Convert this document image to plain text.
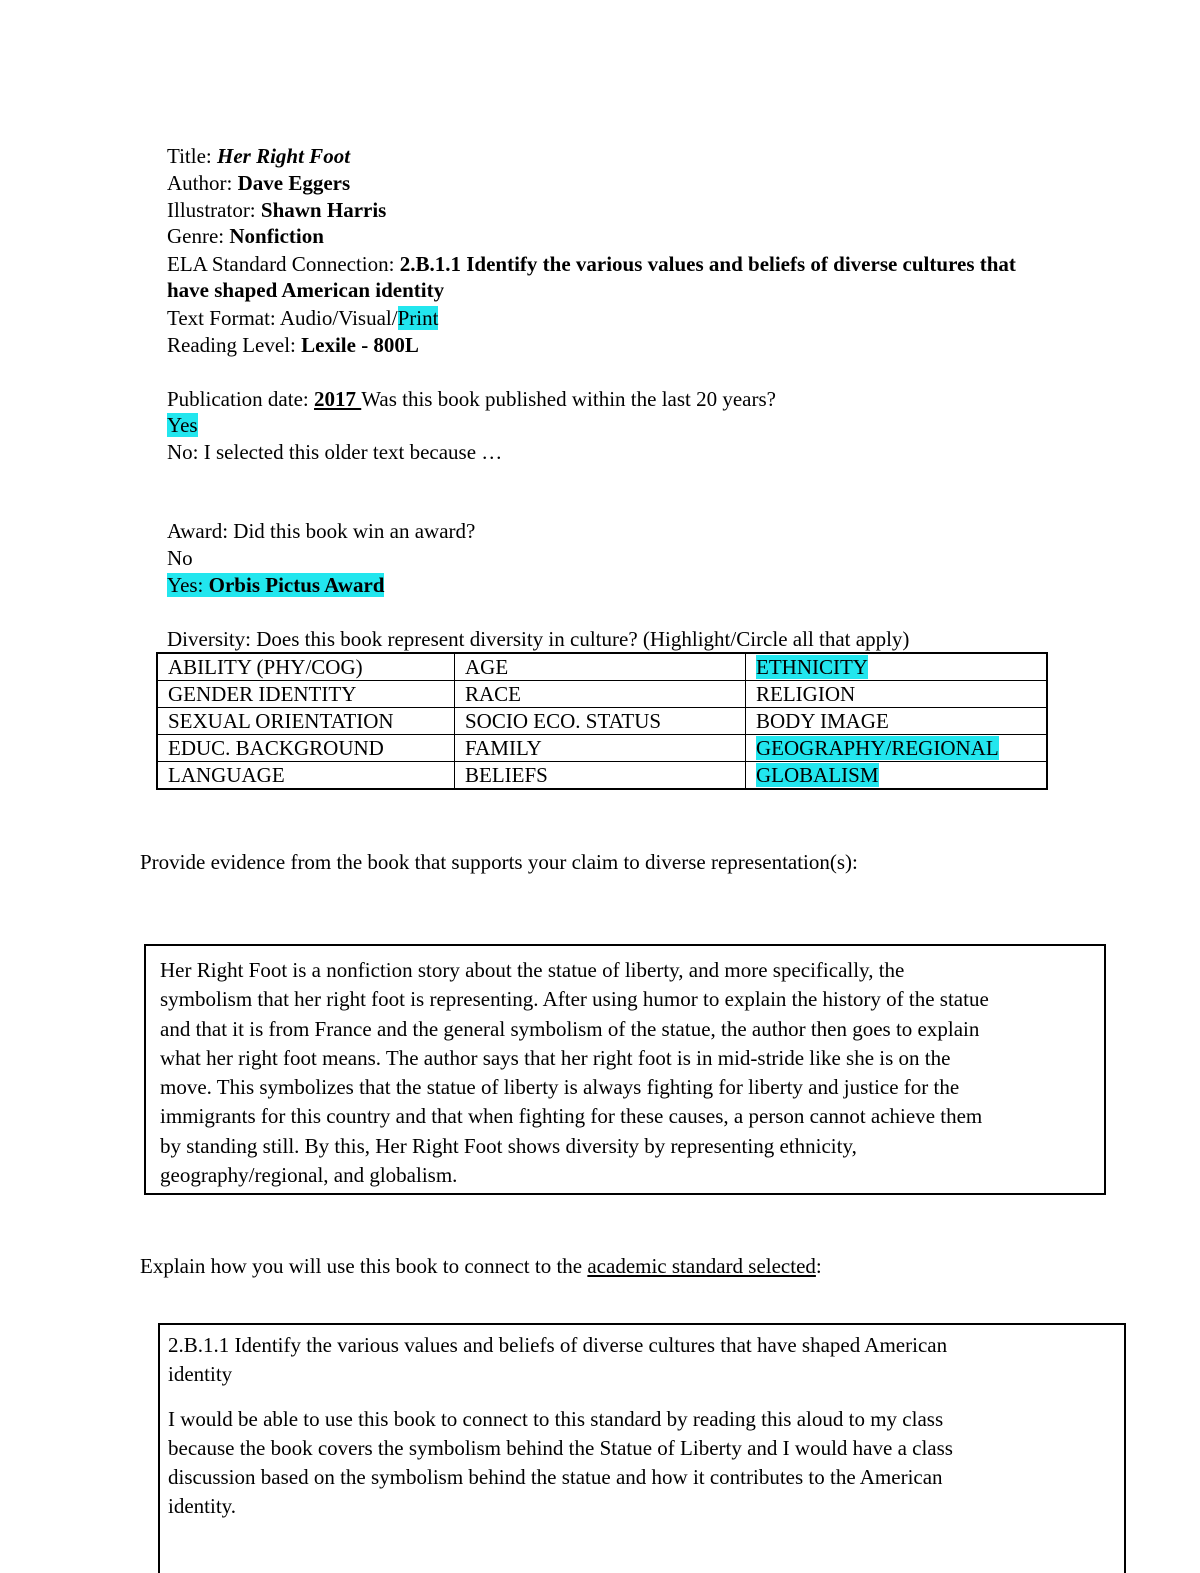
Title: Her Right Foot
Author: Dave Eggers
Illustrator: Shawn Harris
Genre: Nonfiction
ELA Standard Connection: 2.B.1.1 Identify the various values and beliefs of diverse cultures that
have shaped American identity
Text Format: Audio/Visual/Print
Reading Level: Lexile - 800L
Publication date: 2017 Was this book published within the last 20 years?
Yes
No: I selected this older text because …
Award: Did this book win an award?
No
Yes: Orbis Pictus Award
Diversity: Does this book represent diversity in culture? (Highlight/Circle all that apply)
ABILITY (PHY/COG)	AGE	ETHNICITY
GENDER IDENTITY	RACE	RELIGION
SEXUAL ORIENTATION	SOCIO ECO. STATUS	BODY IMAGE
EDUC. BACKGROUND	FAMILY	GEOGRAPHY/REGIONAL
LANGUAGE	BELIEFS	GLOBALISM
Provide evidence from the book that supports your claim to diverse representation(s):

Her Right Foot is a nonfiction story about the statue of liberty, and more specifically, the

symbolism that her right foot is representing. After using humor to explain the history of the statue

and that it is from France and the general symbolism of the statue, the author then goes to explain

what her right foot means. The author says that her right foot is in mid-stride like she is on the

move. This symbolizes that the statue of liberty is always fighting for liberty and justice for the

immigrants for this country and that when fighting for these causes, a person cannot achieve them

by standing still. By this, Her Right Foot shows diversity by representing ethnicity,

geography/regional, and globalism.

Explain how you will use this book to connect to the academic standard selected:

2.B.1.1 Identify the various values and beliefs of diverse cultures that have shaped American

identity

I would be able to use this book to connect to this standard by reading this aloud to my class

because the book covers the symbolism behind the Statue of Liberty and I would have a class

discussion based on the symbolism behind the statue and how it contributes to the American

identity.
